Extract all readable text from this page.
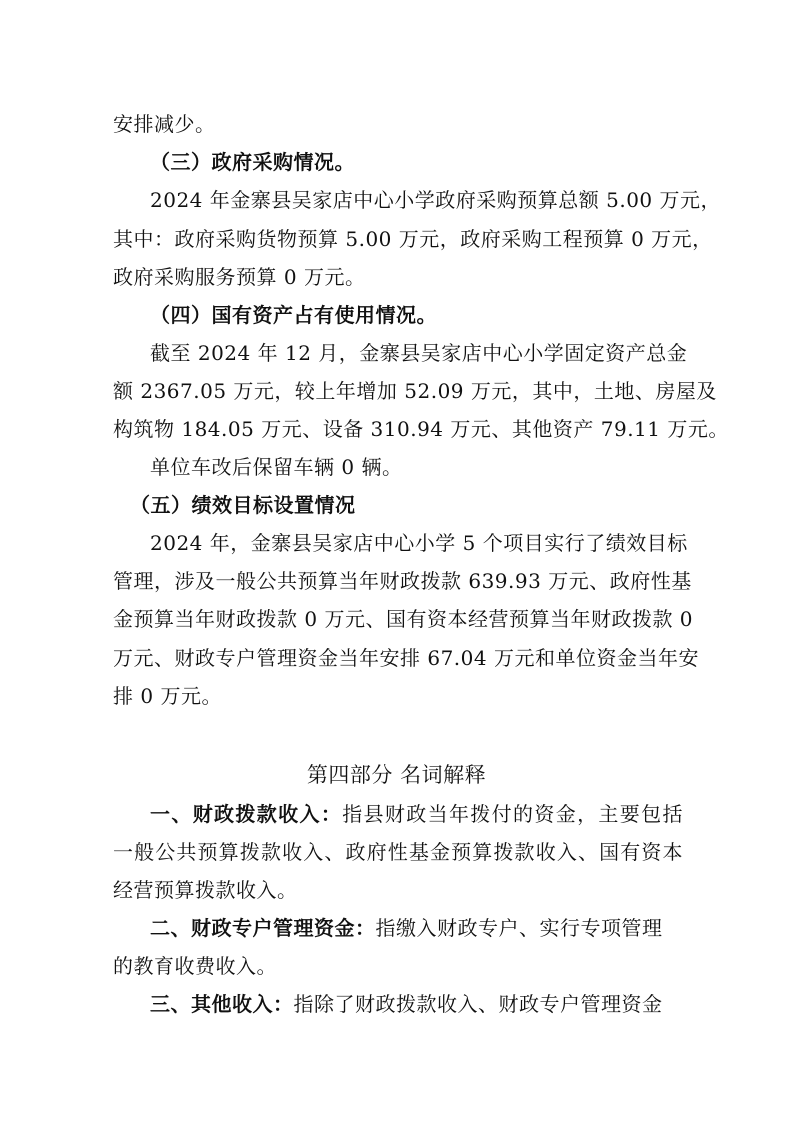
安排减少。
（三）政府采购情况。
2024 年金寨县吴家店中心小学政府采购预算总额 5.00 万元，
其中：政府采购货物预算 5.00 万元，政府采购工程预算 0 万元，
政府采购服务预算 0 万元。
（四）国有资产占有使用情况。
截至 2024 年 12 月，金寨县吴家店中心小学固定资产总金
额 2367.05 万元，较上年增加 52.09 万元，其中，土地、房屋及
构筑物 184.05 万元、设备 310.94 万元、其他资产 79.11 万元。
单位车改后保留车辆 0 辆。
（五）绩效目标设置情况
2024 年，金寨县吴家店中心小学 5 个项目实行了绩效目标
管理，涉及一般公共预算当年财政拨款 639.93 万元、政府性基
金预算当年财政拨款 0 万元、国有资本经营预算当年财政拨款 0
万元、财政专户管理资金当年安排 67.04 万元和单位资金当年安
排 0 万元。
第四部分 名词解释
一、财政拨款收入：指县财政当年拨付的资金，主要包括
一般公共预算拨款收入、政府性基金预算拨款收入、国有资本
经营预算拨款收入。
二、财政专户管理资金：指缴入财政专户、实行专项管理
的教育收费收入。
三、其他收入：指除了财政拨款收入、财政专户管理资金
